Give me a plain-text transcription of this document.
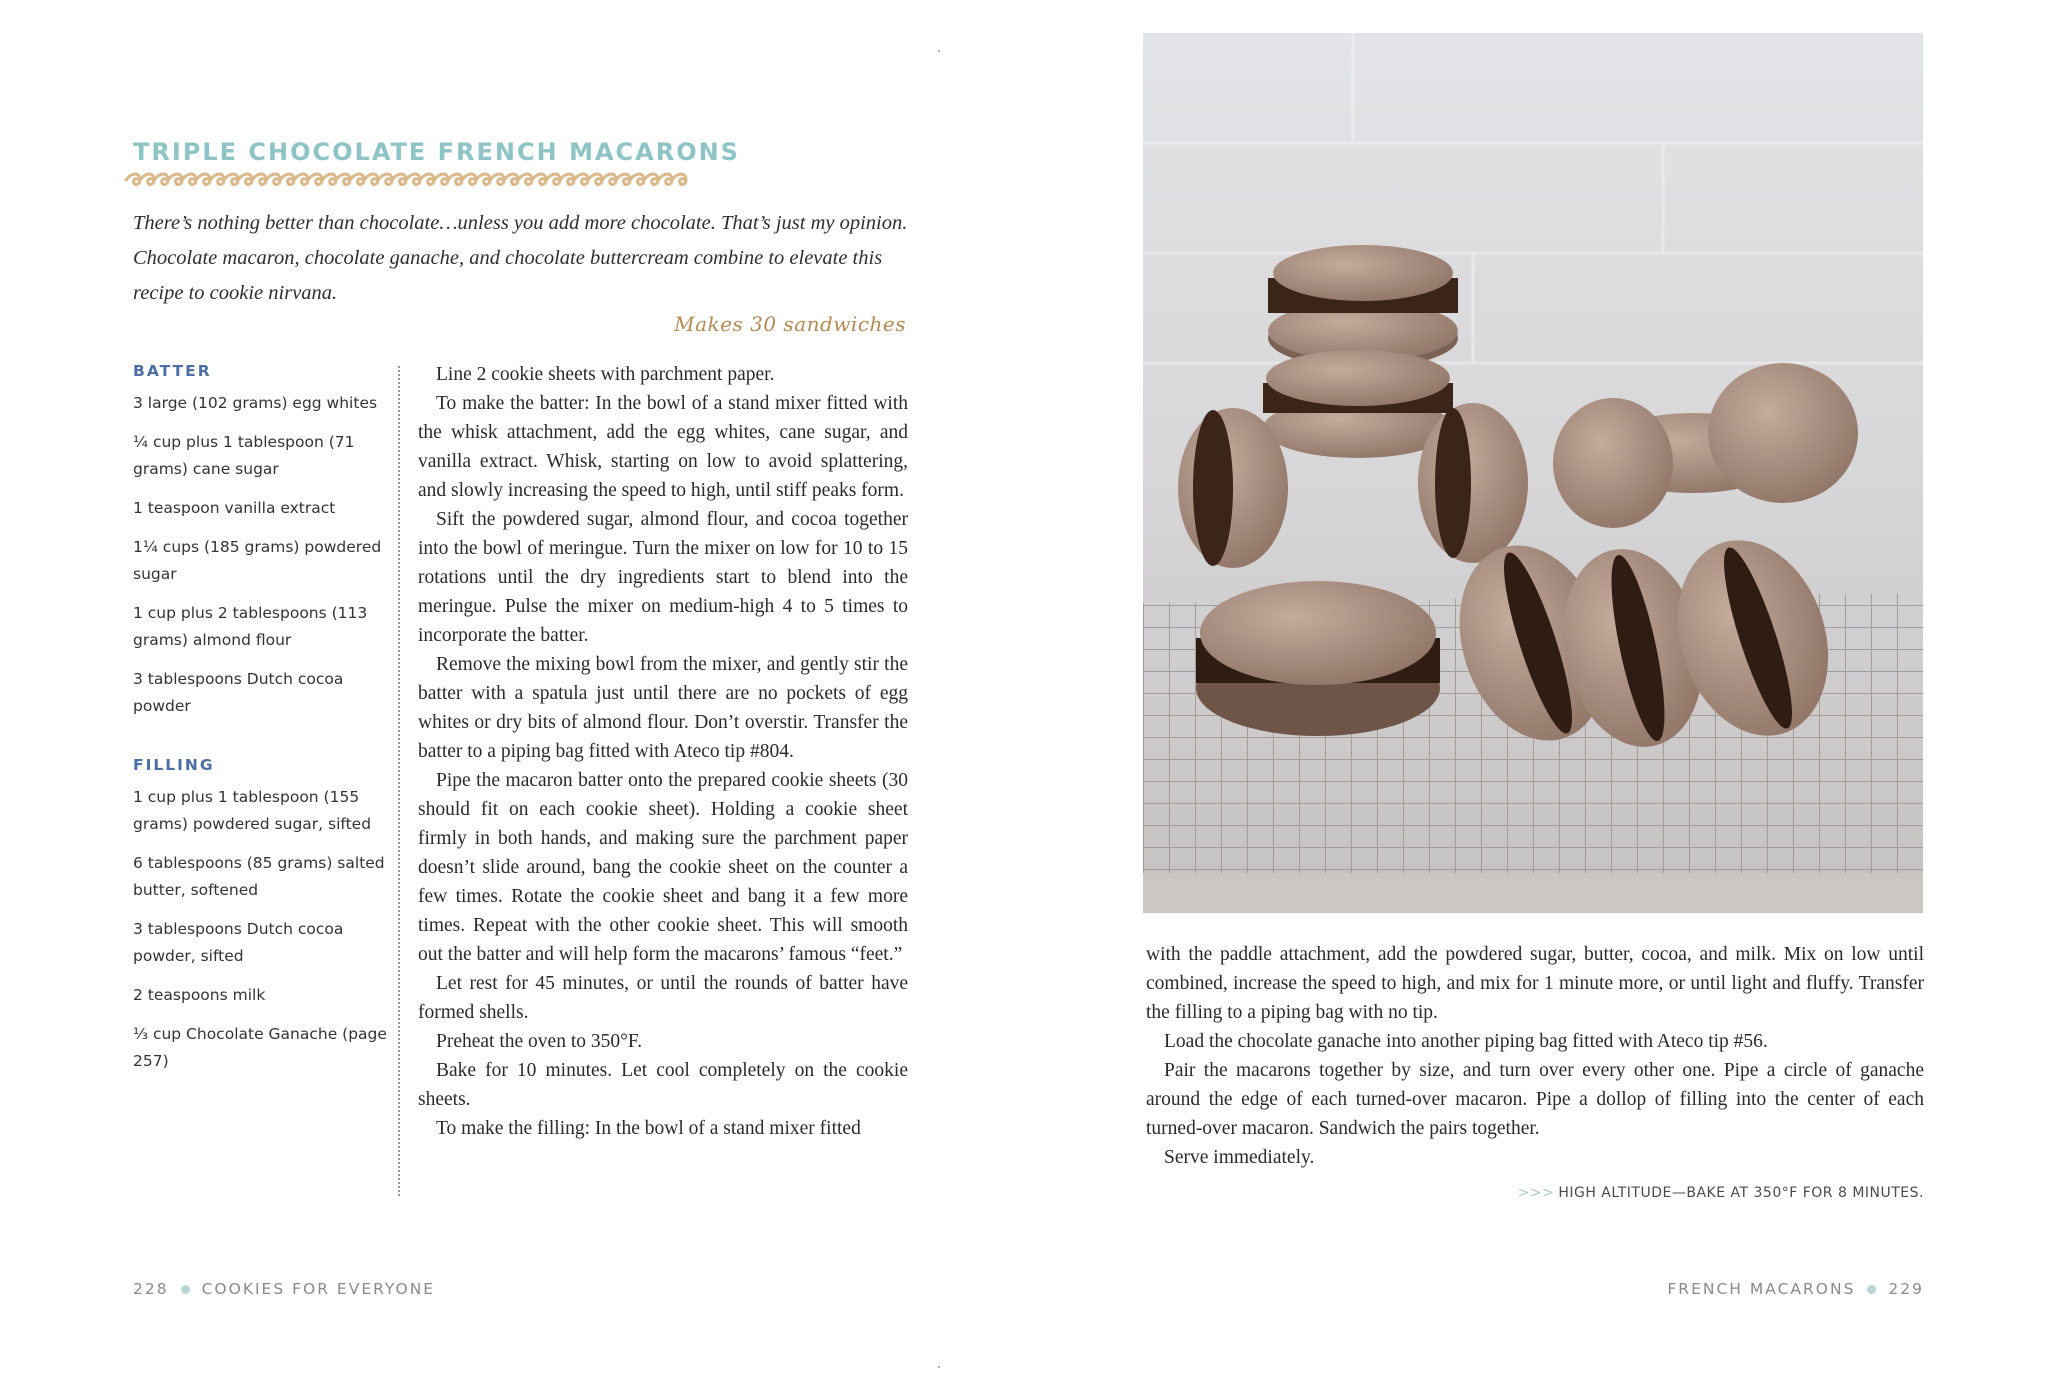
TRIPLE CHOCOLATE FRENCH MACARONS
There’s nothing better than chocolate…unless you add more chocolate. That’s just my opinion. Chocolate macaron, chocolate ganache, and chocolate buttercream combine to elevate this recipe to cookie nirvana.
Makes 30 sandwiches
BATTER
3 large (102 grams) egg whites
¹⁄₄ cup plus 1 tablespoon (71 grams) cane sugar
1 teaspoon vanilla extract
1¹⁄₄ cups (185 grams) powdered sugar
1 cup plus 2 tablespoons (113 grams) almond flour
3 tablespoons Dutch cocoa powder
FILLING
1 cup plus 1 tablespoon (155 grams) powdered sugar, sifted
6 tablespoons (85 grams) salted butter, softened
3 tablespoons Dutch cocoa powder, sifted
2 teaspoons milk
¹⁄₃ cup Chocolate Ganache (page 257)

Line 2 cookie sheets with parchment paper.

To make the batter: In the bowl of a stand mixer fitted with the whisk attachment, add the egg whites, cane sugar, and vanilla extract. Whisk, starting on low to avoid splattering, and slowly increasing the speed to high, until stiff peaks form.

Sift the powdered sugar, almond flour, and cocoa together into the bowl of meringue. Turn the mixer on low for 10 to 15 rotations until the dry ingredients start to blend into the meringue. Pulse the mixer on medium-high 4 to 5 times to incorporate the batter.

Remove the mixing bowl from the mixer, and gently stir the batter with a spatula just until there are no pockets of egg whites or dry bits of almond flour. Don’t overstir. Transfer the batter to a piping bag fitted with Ateco tip #804.

Pipe the macaron batter onto the prepared cookie sheets (30 should fit on each cookie sheet). Holding a cookie sheet firmly in both hands, and making sure the parchment paper doesn’t slide around, bang the cookie sheet on the counter a few times. Rotate the cookie sheet and bang it a few more times. Repeat with the other cookie sheet. This will smooth out the batter and will help form the macarons’ famous “feet.”

Let rest for 45 minutes, or until the rounds of batter have formed shells.

Preheat the oven to 350°F.

Bake for 10 minutes. Let cool completely on the cookie sheets.

To make the filling: In the bowl of a stand mixer fitted

228 COOKIES FOR EVERYONE

with the paddle attachment, add the powdered sugar, butter, cocoa, and milk. Mix on low until combined, increase the speed to high, and mix for 1 minute more, or until light and fluffy. Transfer the filling to a piping bag with no tip.

Load the chocolate ganache into another piping bag fitted with Ateco tip #56.

Pair the macarons together by size, and turn over every other one. Pipe a circle of ganache around the edge of each turned-over macaron. Pipe a dollop of filling into the center of each turned-over macaron. Sandwich the pairs together.

Serve immediately.

>>> HIGH ALTITUDE—BAKE AT 350°F FOR 8 MINUTES.
FRENCH MACARONS 229
